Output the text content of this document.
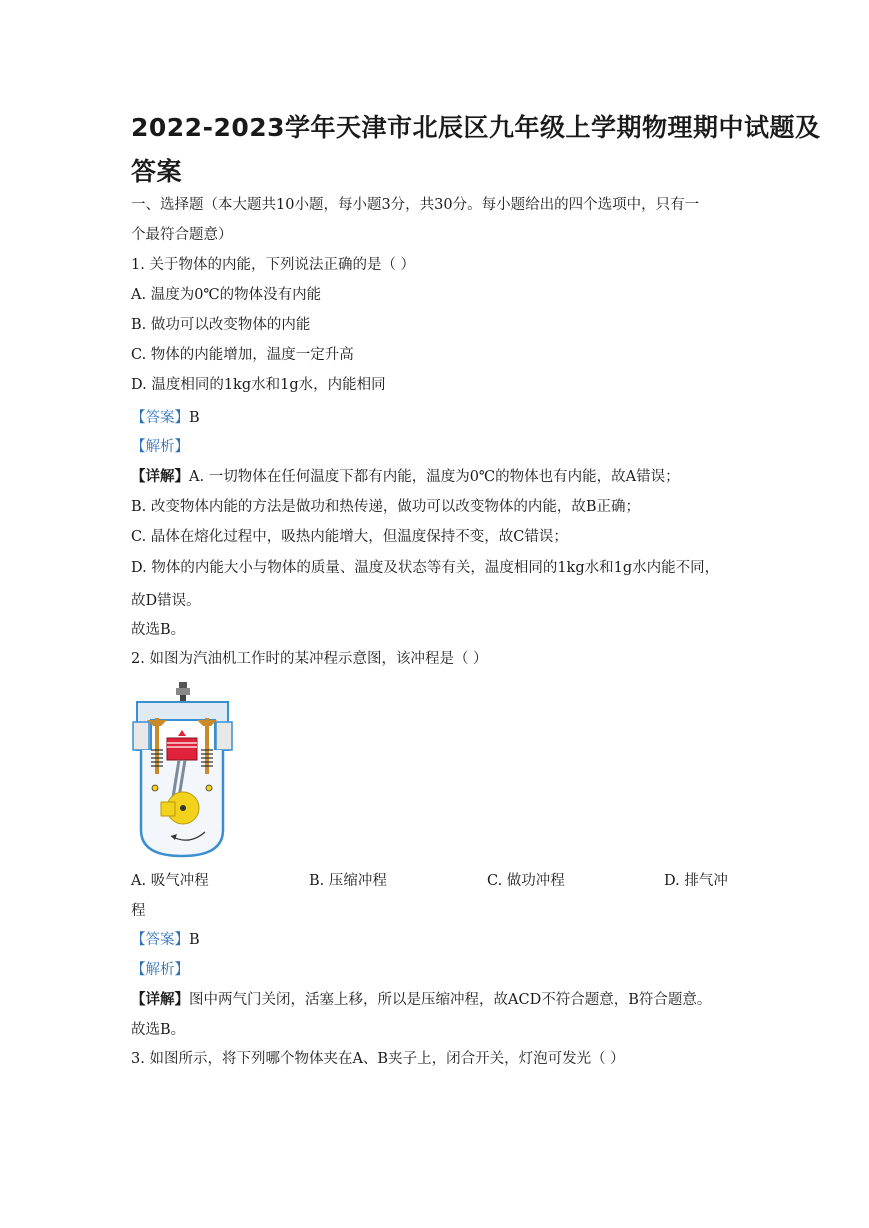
2022-2023学年天津市北辰区九年级上学期物理期中试题及
答案
一、选择题（本大题共10小题，每小题3分，共30分。每小题给出的四个选项中，只有一
个最符合题意）
1. 关于物体的内能，下列说法正确的是（ ）
A. 温度为0℃的物体没有内能
B. 做功可以改变物体的内能
C. 物体的内能增加，温度一定升高
D. 温度相同的1kg水和1g水，内能相同
【答案】B
【解析】
【详解】A. 一切物体在任何温度下都有内能，温度为0℃的物体也有内能，故A错误；
B. 改变物体内能的方法是做功和热传递，做功可以改变物体的内能，故B正确；
C. 晶体在熔化过程中，吸热内能增大，但温度保持不变，故C错误；
D. 物体的内能大小与物体的质量、温度及状态等有关，温度相同的1kg水和1g水内能不同，
故D错误。
故选B。
2. 如图为汽油机工作时的某冲程示意图，该冲程是（ ）
A. 吸气冲程	B. 压缩冲程	C. 做功冲程	D. 排气冲
程
【答案】B
【解析】
【详解】图中两气门关闭，活塞上移，所以是压缩冲程，故ACD不符合题意，B符合题意。
故选B。
3. 如图所示，将下列哪个物体夹在A、B夹子上，闭合开关，灯泡可发光（ ）
